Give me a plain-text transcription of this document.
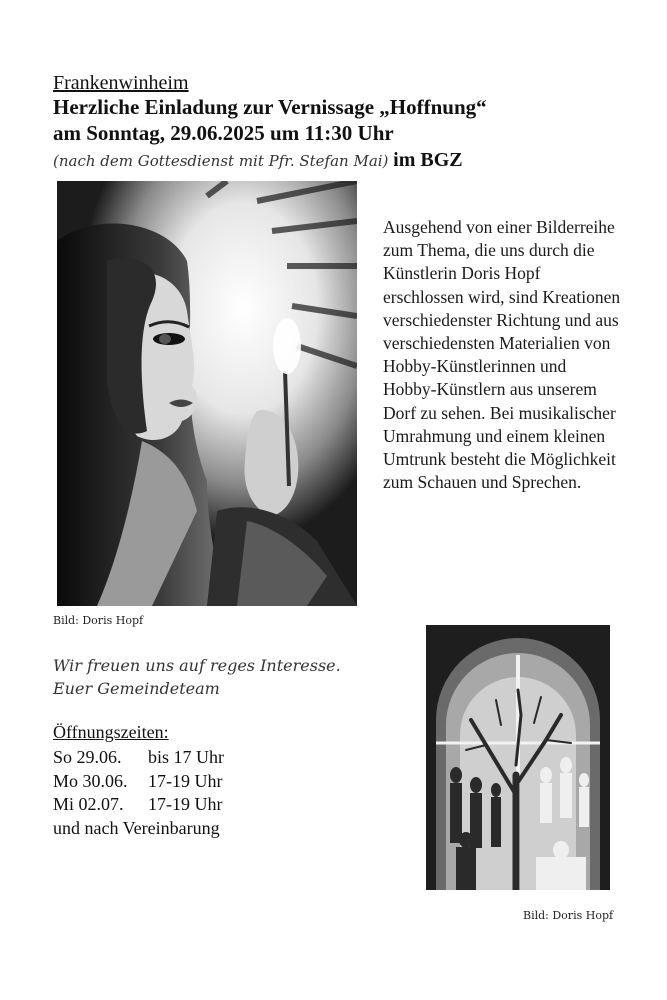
Frankenwinheim
Herzliche Einladung zur Vernissage „Hoffnung“
am Sonntag, 29.06.2025 um 11:30 Uhr
(nach dem Gottesdienst mit Pfr. Stefan Mai) im BGZ
Ausgehend von einer Bilderreihe zum Thema, die uns durch die Künstlerin Doris Hopf erschlossen wird, sind Kreationen verschiedenster Richtung und aus verschiedensten Materialien von Hobby-Künstlerinnen und Hobby-Künstlern aus unserem Dorf zu sehen. Bei musikalischer Umrahmung und einem kleinen Umtrunk besteht die Möglichkeit zum Schauen und Sprechen.
Bild: Doris Hopf
Wir freuen uns auf reges Interesse.
Euer Gemeindeteam
Öffnungszeiten:
So 29.06. bis 17 Uhr
Mo 30.06. 17-19 Uhr
Mi 02.07. 17-19 Uhr
und nach Vereinbarung
Bild: Doris Hopf
